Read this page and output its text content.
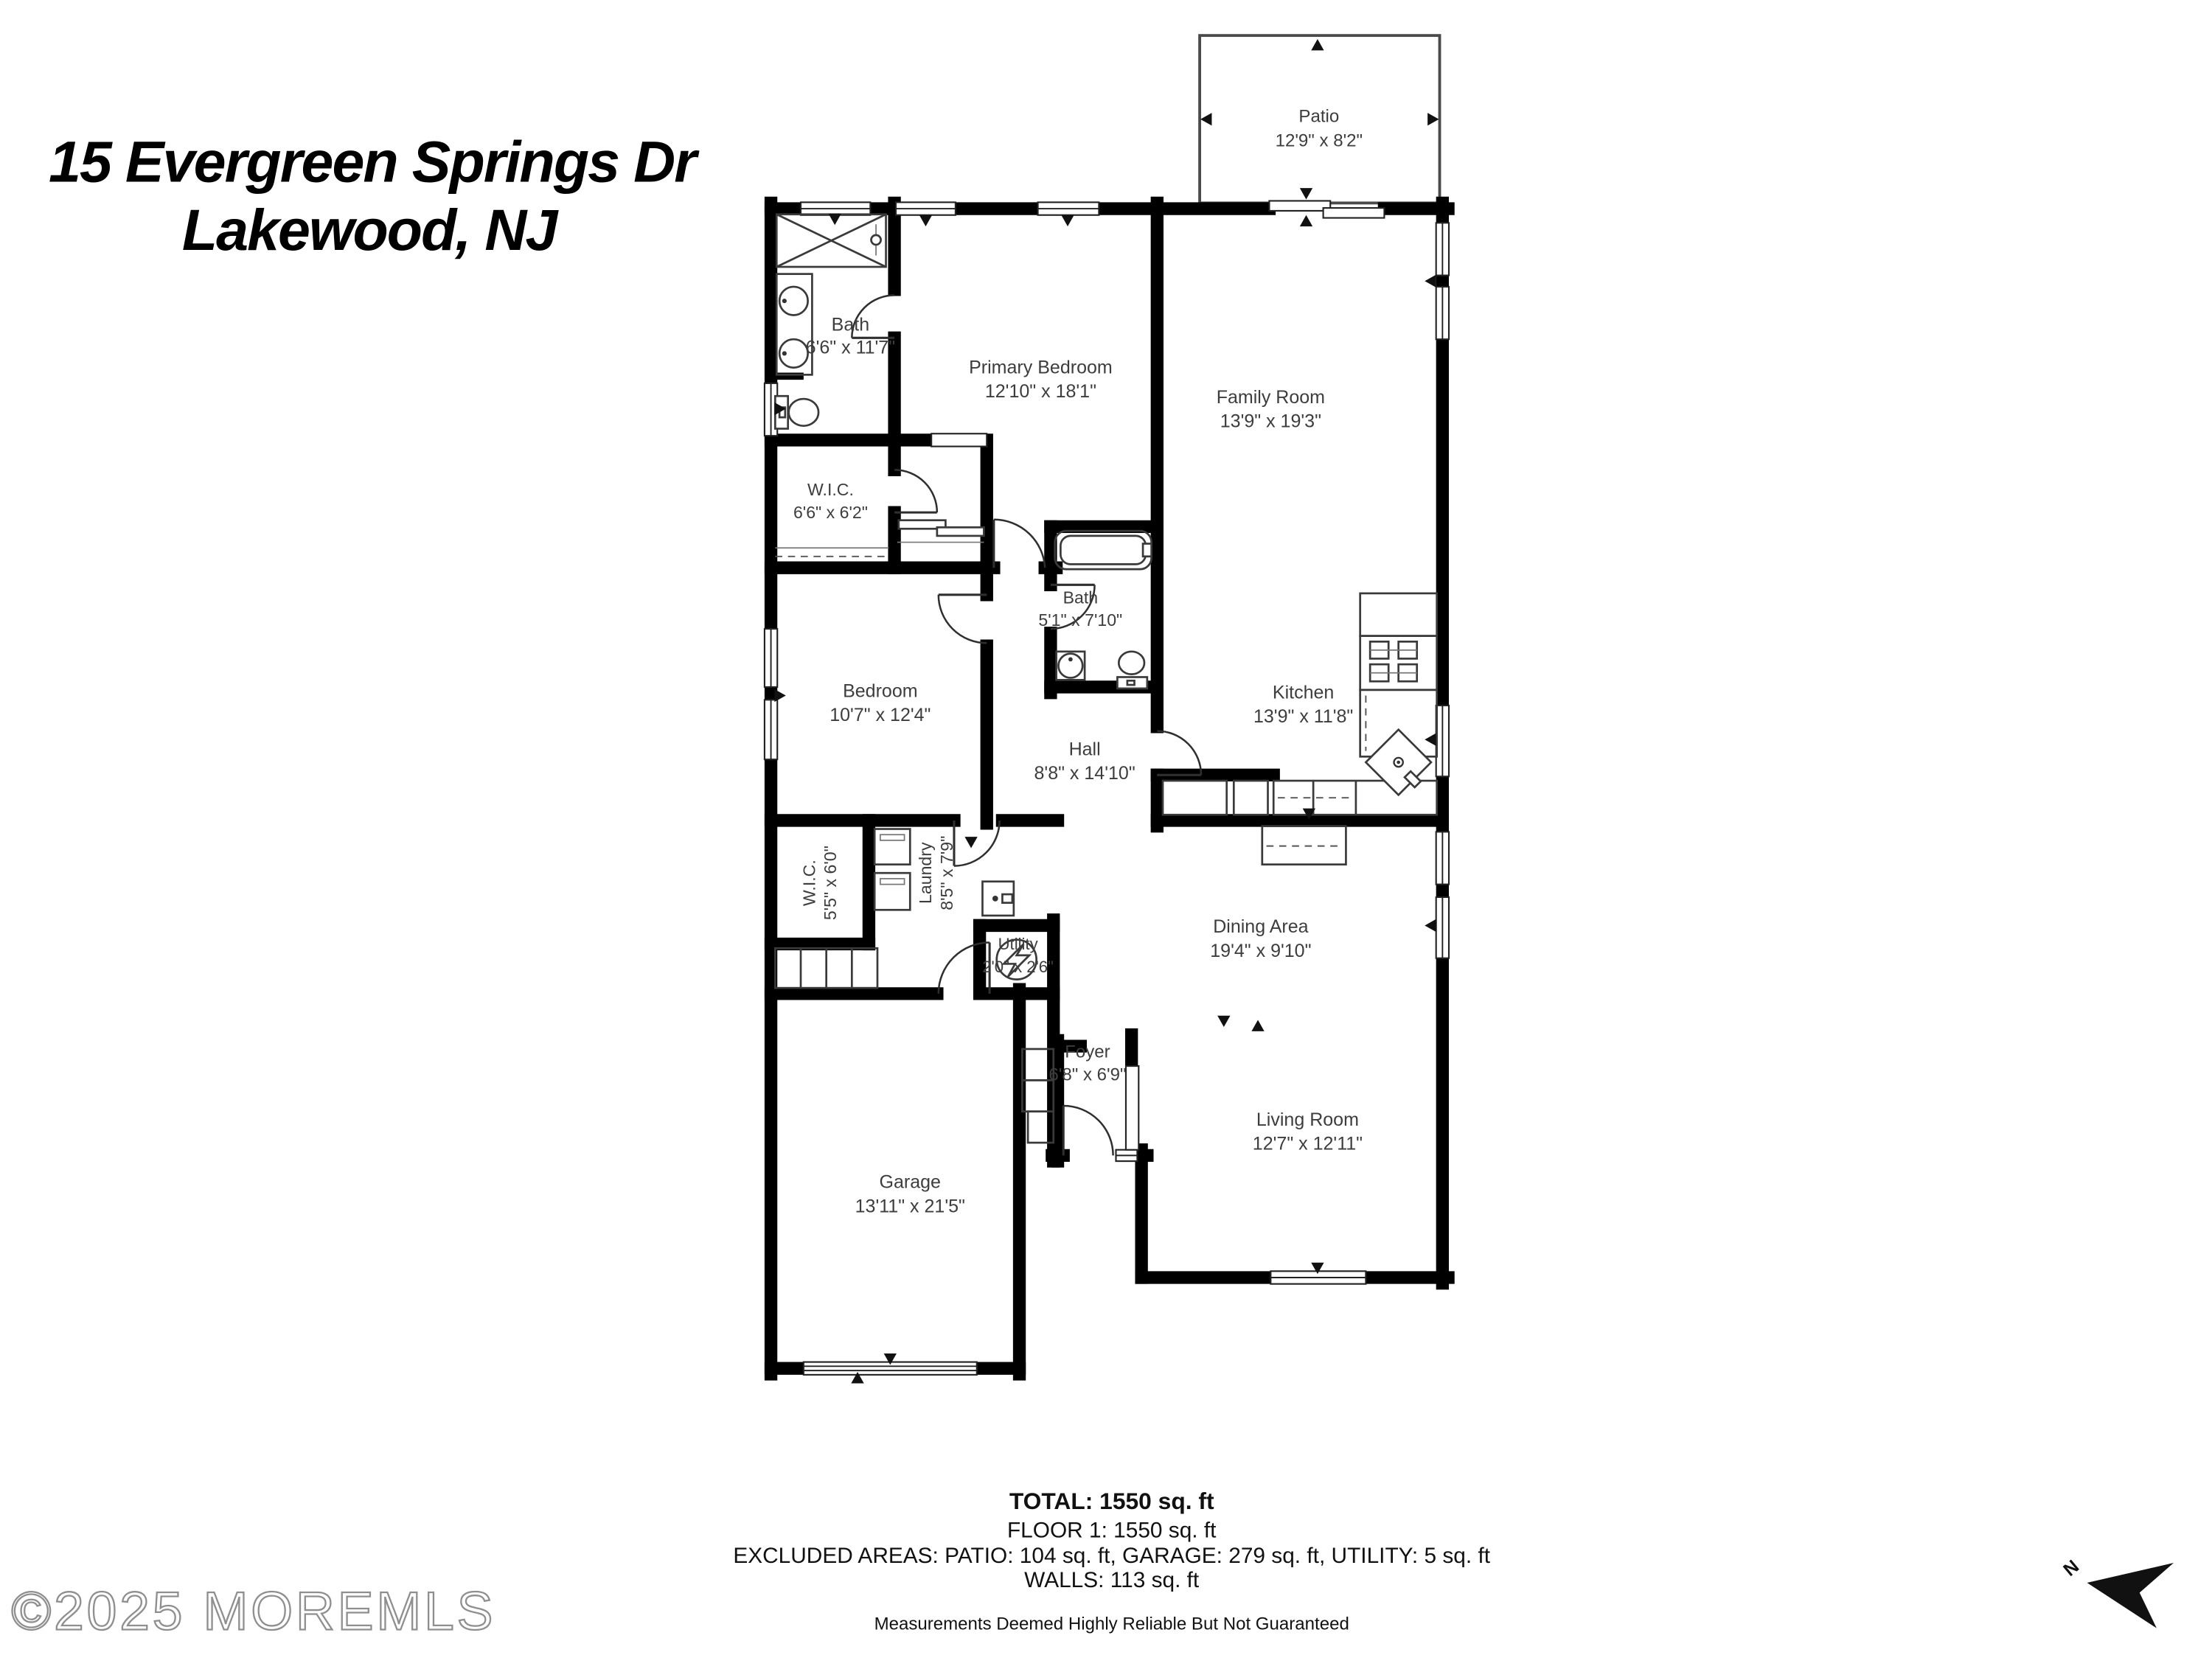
15 Evergreen Springs Dr
Lakewood, NJ
Patio
12'9" x 8'2"
Bath
6'6" x 11'7"
Primary Bedroom
12'10" x 18'1"	Family Room
13'9" x 19'3"
W.I.C.
6'6" x 6'2"
Bedroom
10'7" x 12'4"
Bath
5'1" x 7'10"
Hall
8'8" x 14'10"
Kitchen
13'9" x 11'8"
W.I.C. 5'5" x 6'0"	Laundry 8'5" x 7'9"
Utility
2'0" x 2'6"
Dining Area
19'4" x 9'10"
Foyer
6'8" x 6'9"
Living Room
12'7" x 12'11"
Garage
13'11" x 21'5"
TOTAL: 1550 sq. ft
FLOOR 1: 1550 sq. ft
EXCLUDED AREAS: PATIO: 104 sq. ft, GARAGE: 279 sq. ft, UTILITY: 5 sq. ft
WALLS: 113 sq. ft
Measurements Deemed Highly Reliable But Not Guaranteed
©2025 MOREMLS
N
